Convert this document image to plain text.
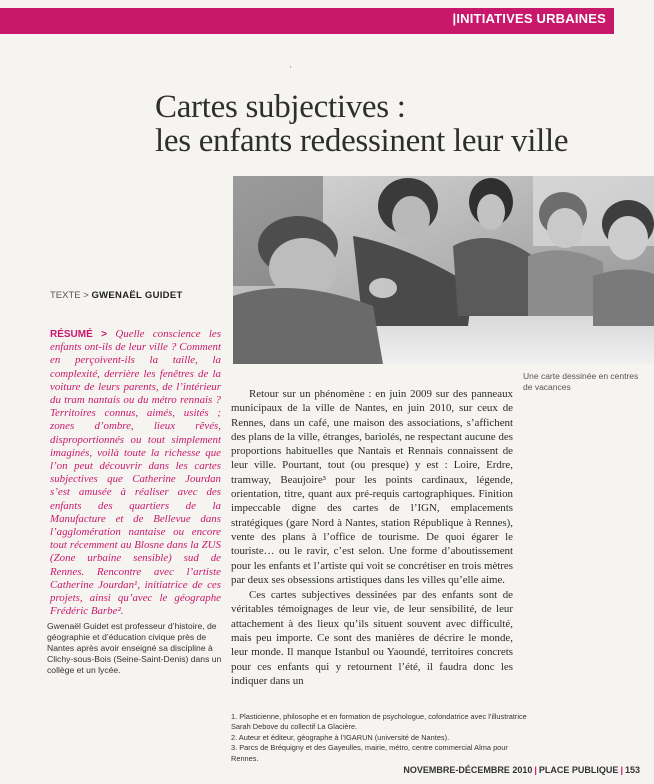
|INITIATIVES URBAINES
˙
Cartes subjectives :
les enfants redessinent leur ville

Une carte dessinée en centres de vacances

TEXTE > GWENAËL GUIDET

RÉSUMÉ > Quelle conscience les enfants ont-ils de leur ville ? Comment en perçoivent-ils la taille, la complexité, derrière les fenêtres de la voiture de leurs parents, de l’intérieur du tram nantais ou du métro rennais ? Territoires connus, aimés, usités ; zones d’ombre, lieux rêvés, disproportionnés ou tout simplement imaginés, voilà toute la richesse que l’on peut découvrir dans les cartes subjectives que Catherine Jourdan s’est amusée à réaliser avec des enfants des quartiers de la Manufacture et de Bellevue dans l’agglomération nantaise ou encore tout récemment au Blosne dans la ZUS (Zone urbaine sensible) sud de Rennes. Rencontre avec l’artiste Catherine Jourdan¹, initiatrice de ces projets, ainsi qu’avec le géographe Frédéric Barbe².

Gwenaël Guidet est professeur d’histoire, de géographie et d’éducation civique près de Nantes après avoir enseigné sa discipline à Clichy-sous-Bois (Seine-Saint-Denis) dans un collège et un lycée.

Retour sur un phénomène : en juin 2009 sur des panneaux municipaux de la ville de Nantes, en juin 2010, sur ceux de Rennes, dans un café, une maison des associations, s’affichent des plans de la ville, étranges, bariolés, ne respectant aucune des proportions habituelles que Nantais et Rennais connaissent de leur ville. Pourtant, tout (ou presque) y est : Loire, Erdre, tramway, Beaujoire³ pour les points cardinaux, légende, orientation, titre, quant aux pré-requis cartographiques. Finition impeccable digne des cartes de l’IGN, emplacements stratégiques (gare Nord à Nantes, station République à Rennes), vente des plans à l’office de tourisme. De quoi égarer le touriste… ou le ravir, c’est selon. Une forme d’aboutissement pour les enfants et l’artiste qui voit se concrétiser en trois mètres par deux ses obsessions artistiques dans les villes qu’elle aime.

Ces cartes subjectives dessinées par des enfants sont de véritables témoignages de leur vie, de leur sensibilité, de leur attachement à des lieux qu’ils situent souvent avec difficulté, mais peu importe. Ce sont des manières de décrire le monde, leur monde. Il manque Istanbul ou Yaoundé, territoires concrets pour ces enfants qui y retournent l’été, il faudra donc les indiquer dans un

1. Plasticienne, philosophe et en formation de psychologue, cofondatrice avec l’illustratrice Sarah Debove du collectif La Glacière.

2. Auteur et éditeur, géographe à l’IGARUN (université de Nantes).

3. Parcs de Bréquigny et des Gayeulles, mairie, métro, centre commercial Alma pour Rennes.

NOVEMBRE-DÉCEMBRE 2010 | PLACE PUBLIQUE | 153
